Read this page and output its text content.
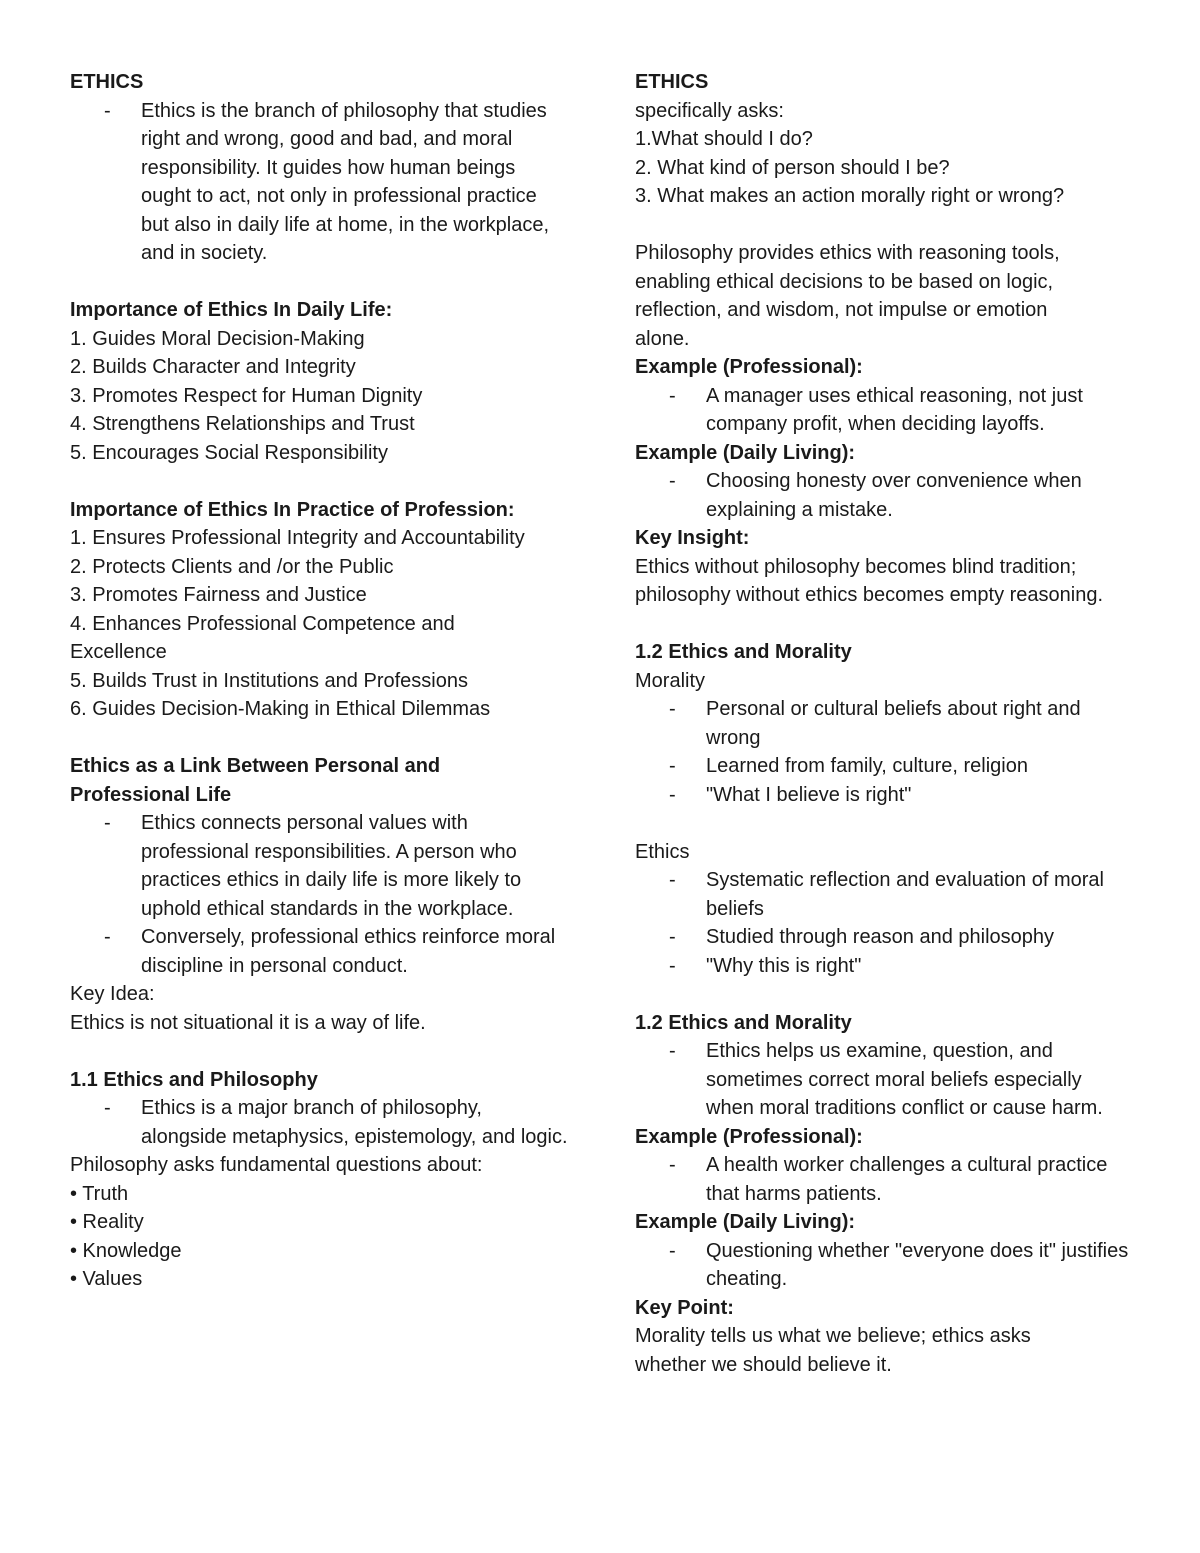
ETHICS

- Ethics is the branch of philosophy that studies right and wrong, good and bad, and moral responsibility. It guides how human beings ought to act, not only in professional practice but also in daily life at home, in the workplace, and in society.

Importance of Ethics In Daily Life:

1. Guides Moral Decision-Making

2. Builds Character and Integrity

3. Promotes Respect for Human Dignity

4. Strengthens Relationships and Trust

5. Encourages Social Responsibility

Importance of Ethics In Practice of Profession:

1. Ensures Professional Integrity and Accountability

2. Protects Clients and /or the Public

3. Promotes Fairness and Justice

4. Enhances Professional Competence and Excellence

5. Builds Trust in Institutions and Professions

6. Guides Decision-Making in Ethical Dilemmas

Ethics as a Link Between Personal and Professional Life

- Ethics connects personal values with professional responsibilities. A person who practices ethics in daily life is more likely to uphold ethical standards in the workplace.

- Conversely, professional ethics reinforce moral discipline in personal conduct.

Key Idea:

Ethics is not situational it is a way of life.

1.1 Ethics and Philosophy

- Ethics is a major branch of philosophy, alongside metaphysics, epistemology, and logic.

Philosophy asks fundamental questions about:

• Truth

• Reality

• Knowledge

• Values

ETHICS

specifically asks:

1.What should I do?

2. What kind of person should I be?

3. What makes an action morally right or wrong?

Philosophy provides ethics with reasoning tools, enabling ethical decisions to be based on logic, reflection, and wisdom, not impulse or emotion alone.

Example (Professional):

- A manager uses ethical reasoning, not just company profit, when deciding layoffs.

Example (Daily Living):

- Choosing honesty over convenience when explaining a mistake.

Key Insight:

Ethics without philosophy becomes blind tradition; philosophy without ethics becomes empty reasoning.

1.2 Ethics and Morality

Morality

- Personal or cultural beliefs about right and wrong

- Learned from family, culture, religion

- "What I believe is right"

Ethics

- Systematic reflection and evaluation of moral beliefs

- Studied through reason and philosophy

- "Why this is right"

1.2 Ethics and Morality

- Ethics helps us examine, question, and sometimes correct moral beliefs especially when moral traditions conflict or cause harm.

Example (Professional):

- A health worker challenges a cultural practice that harms patients.

Example (Daily Living):

- Questioning whether "everyone does it" justifies cheating.

Key Point:

Morality tells us what we believe; ethics asks whether we should believe it.
